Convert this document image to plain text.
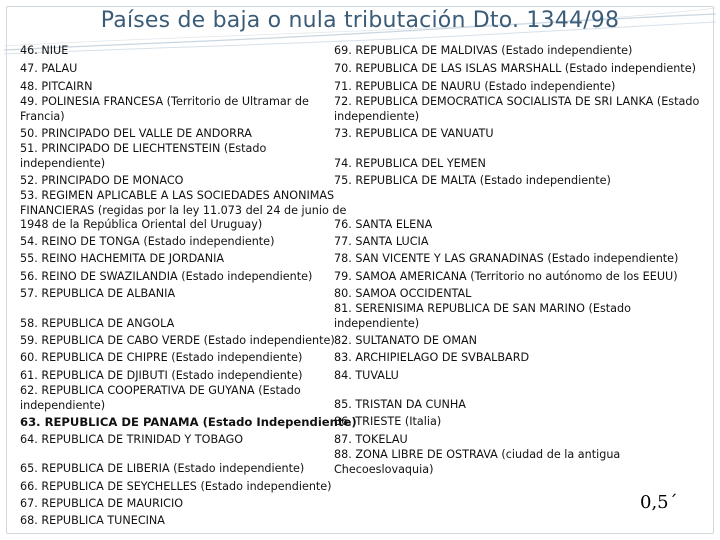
Países de baja o nula tributación Dto. 1344/98
46. NIUE
47. PALAU
48. PITCAIRN
49. POLINESIA FRANCESA (Territorio de Ultramar de
Francia)
50. PRINCIPADO DEL VALLE DE ANDORRA
51. PRINCIPADO DE LIECHTENSTEIN (Estado
independiente)
52. PRINCIPADO DE MONACO
53. REGIMEN APLICABLE A LAS SOCIEDADES ANONIMAS
FINANCIERAS (regidas por la ley 11.073 del 24 de junio de
1948 de la República Oriental del Uruguay)
54. REINO DE TONGA (Estado independiente)
55. REINO HACHEMITA DE JORDANIA
56. REINO DE SWAZILANDIA (Estado independiente)
57. REPUBLICA DE ALBANIA
58. REPUBLICA DE ANGOLA
59. REPUBLICA DE CABO VERDE (Estado independiente)
60. REPUBLICA DE CHIPRE (Estado independiente)
61. REPUBLICA DE DJIBUTI (Estado independiente)
62. REPUBLICA COOPERATIVA DE GUYANA (Estado
independiente)
63. REPUBLICA DE PANAMA (Estado Independiente)
64. REPUBLICA DE TRINIDAD Y TOBAGO
65. REPUBLICA DE LIBERIA (Estado independiente)
66. REPUBLICA DE SEYCHELLES (Estado independiente)
67. REPUBLICA DE MAURICIO
68. REPUBLICA TUNECINA
69. REPUBLICA DE MALDIVAS (Estado independiente)
70. REPUBLICA DE LAS ISLAS MARSHALL (Estado independiente)
71. REPUBLICA DE NAURU (Estado independiente)
72. REPUBLICA DEMOCRATICA SOCIALISTA DE SRI LANKA (Estado
independiente)
73. REPUBLICA DE VANUATU
74. REPUBLICA DEL YEMEN
75. REPUBLICA DE MALTA (Estado independiente)
76. SANTA ELENA
77. SANTA LUCIA
78. SAN VICENTE Y LAS GRANADINAS (Estado independiente)
79. SAMOA AMERICANA (Territorio no autónomo de los EEUU)
80. SAMOA OCCIDENTAL
81. SERENISIMA REPUBLICA DE SAN MARINO (Estado
independiente)
82. SULTANATO DE OMAN
83. ARCHIPIELAGO DE SVBALBARD
84. TUVALU
85. TRISTAN DA CUNHA
86. TRIESTE (Italia)
87. TOKELAU
88. ZONA LIBRE DE OSTRAVA (ciudad de la antigua
Checoeslovaquia)
0,5´
